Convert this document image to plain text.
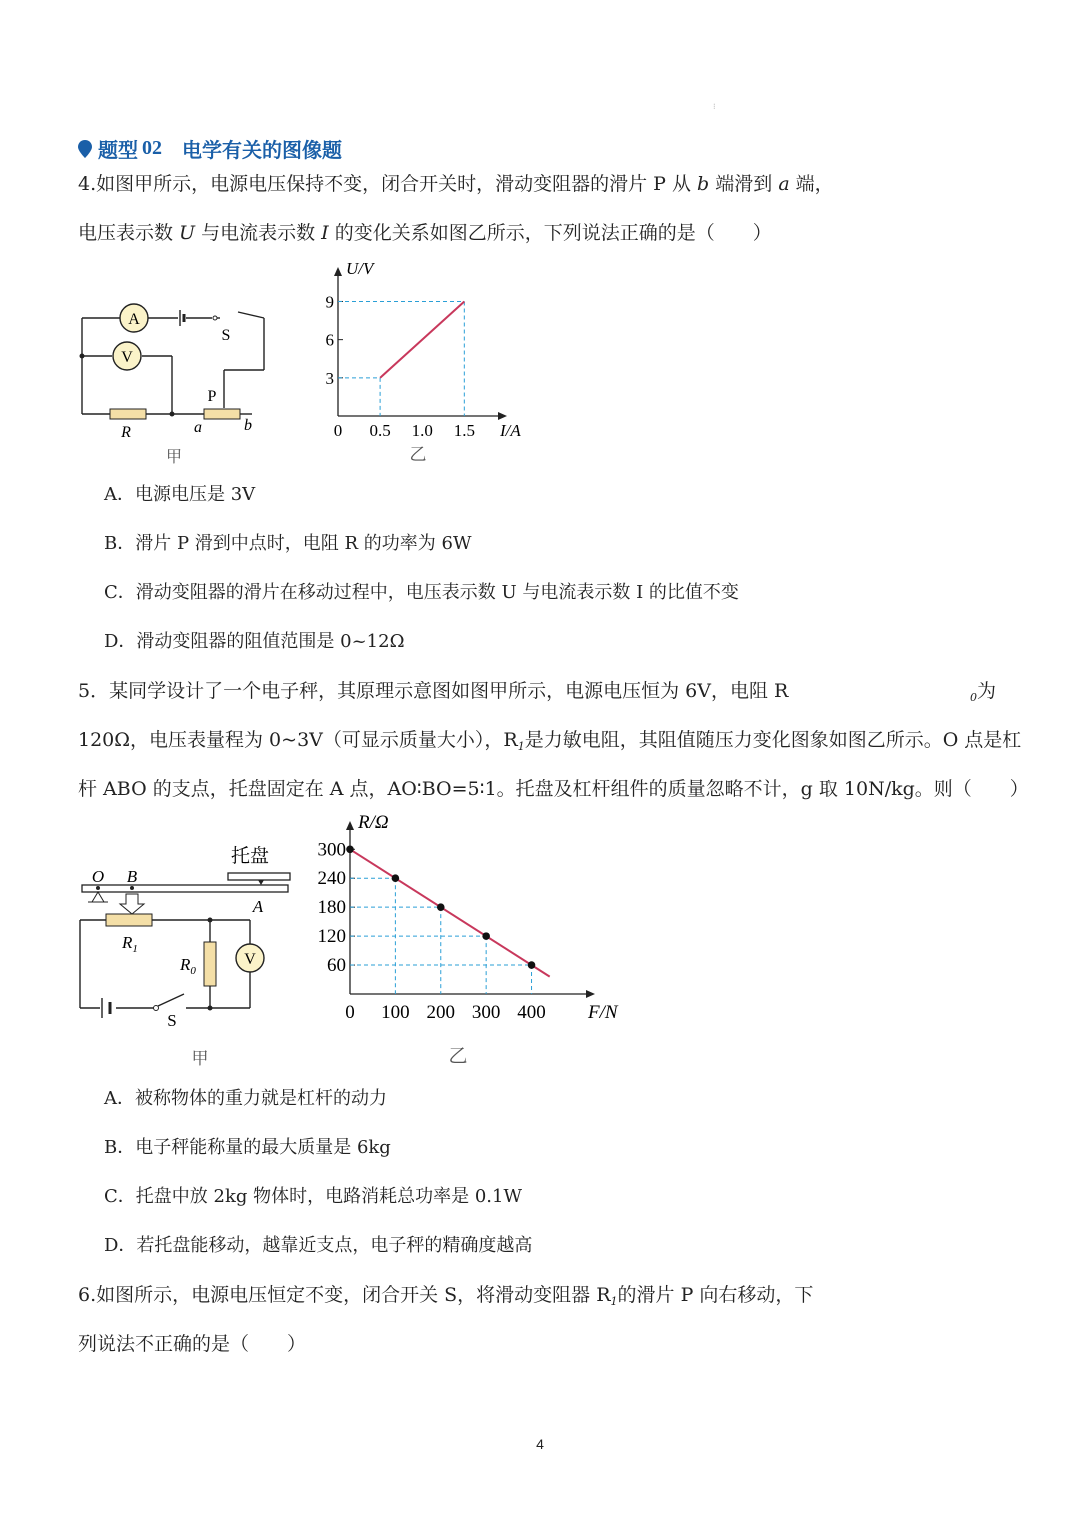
⁝
题型 02 电学有关的图像题
4.如图甲所示，电源电压保持不变，闭合开关时，滑动变阻器的滑片 P 从 b 端滑到 a 端，
电压表示数 U 与电流表示数 I 的变化关系如图乙所示，下列说法正确的是（　　）
A
V
S
P
R	a	b
甲
I/A
U/V
0 0.5 1.0 1.5
3
6
9
乙
A．电源电压是 3V
B．滑片 P 滑到中点时，电阻 R 的功率为 6W
C．滑动变阻器的滑片在移动过程中，电压表示数 U 与电流表示数 I 的比值不变
D．滑动变阻器的阻值范围是 0~12Ω
5．某同学设计了一个电子秤，其原理示意图如图甲所示，电源电压恒为 6V，电阻 R	$_0$为
120Ω，电压表量程为 0~3V（可显示质量大小），$R_1$是力敏电阻，其阻值随压力变化图象如图乙所示。O 点是杠
杆 ABO 的支点，托盘固定在 A 点，AO∶BO=5∶1。托盘及杠杆组件的质量忽略不计，g 取 10N/kg。则（　　）
V
托盘
O B
A
$R_1$
$R_0$
S
甲
F/N
R/Ω
0 100 200 300 400
300
240
180
120
60
乙
A．被称物体的重力就是杠杆的动力
B．电子秤能称量的最大质量是 6kg
C．托盘中放 2kg 物体时，电路消耗总功率是 0.1W
D．若托盘能移动，越靠近支点，电子秤的精确度越高
6.如图所示，电源电压恒定不变，闭合开关 S，将滑动变阻器 $R_1$的滑片 P 向右移动，下
列说法不正确的是（　　）
4
